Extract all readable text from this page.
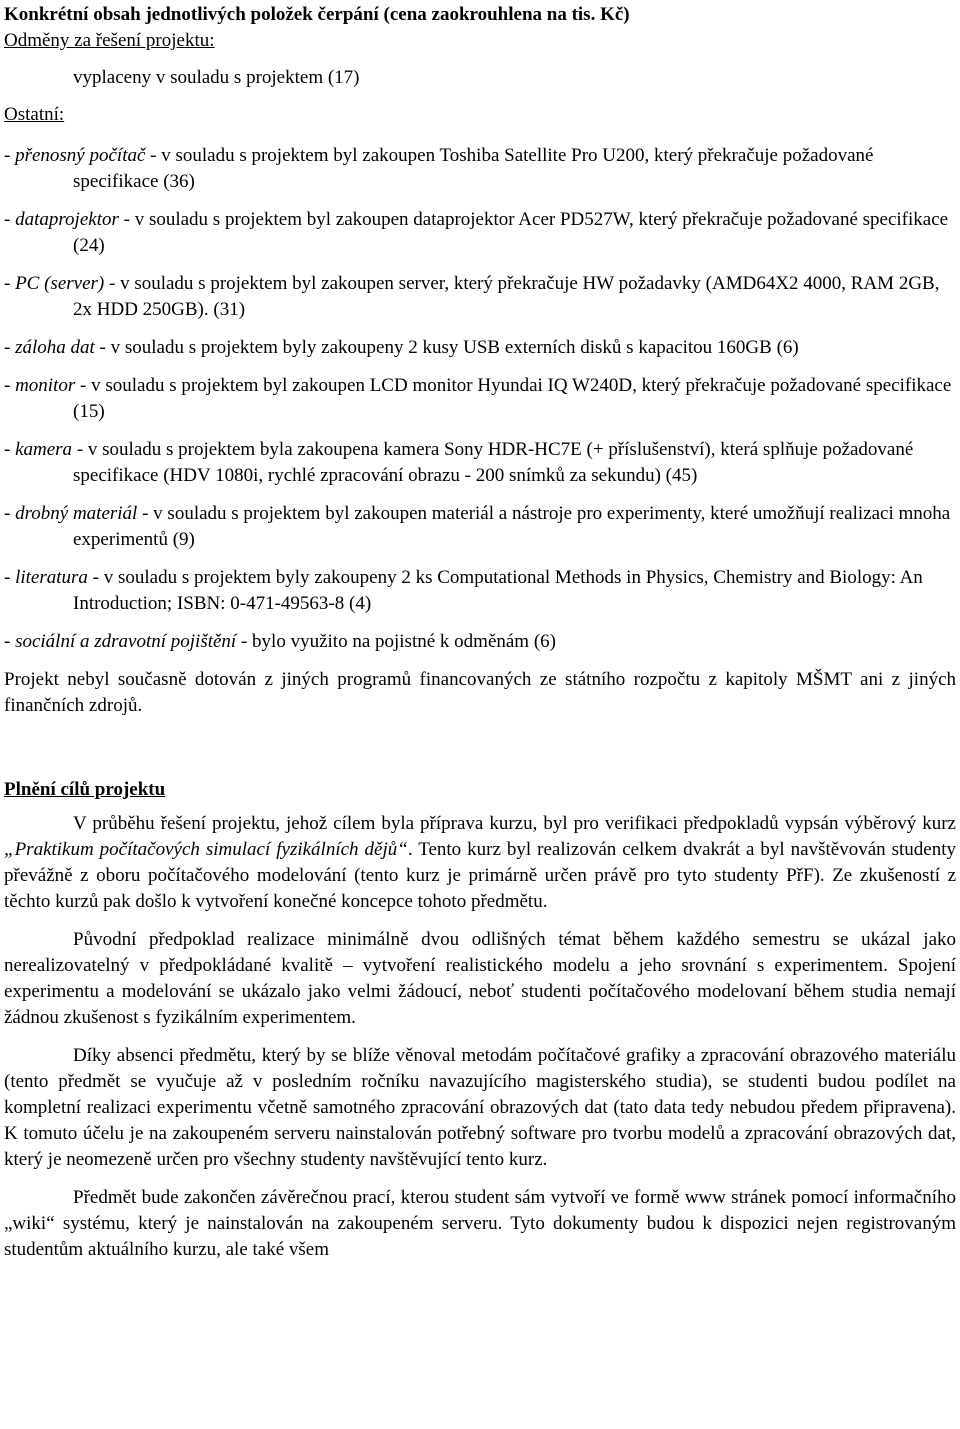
Konkrétní obsah jednotlivých položek čerpání (cena zaokrouhlena na tis. Kč)

Odměny za řešení projektu:

vyplaceny v souladu s projektem (17)

Ostatní:

- přenosný počítač - v souladu s projektem byl zakoupen Toshiba Satellite Pro U200, který překračuje požadované specifikace (36)
- dataprojektor - v souladu s projektem byl zakoupen dataprojektor Acer PD527W, který překračuje požadované specifikace (24)
- PC (server) - v souladu s projektem byl zakoupen server, který překračuje HW požadavky (AMD64X2 4000, RAM 2GB, 2x HDD 250GB). (31)
- záloha dat - v souladu s projektem byly zakoupeny 2 kusy USB externích disků s kapacitou 160GB (6)
- monitor - v souladu s projektem byl zakoupen LCD monitor Hyundai IQ W240D, který překračuje požadované specifikace (15)
- kamera - v souladu s projektem byla zakoupena kamera Sony HDR-HC7E (+ příslušenství), která splňuje požadované specifikace (HDV 1080i, rychlé zpracování obrazu - 200 snímků za sekundu) (45)
- drobný materiál - v souladu s projektem byl zakoupen materiál a nástroje pro experimenty, které umožňují realizaci mnoha experimentů (9)
- literatura - v souladu s projektem byly zakoupeny 2 ks Computational Methods in Physics, Chemistry and Biology: An Introduction; ISBN: 0-471-49563-8 (4)
- sociální a zdravotní pojištění - bylo využito na pojistné k odměnám (6)

Projekt nebyl současně dotován z jiných programů financovaných ze státního rozpočtu z kapitoly MŠMT ani z jiných finančních zdrojů.

Plnění cílů projektu

V průběhu řešení projektu, jehož cílem byla příprava kurzu, byl pro verifikaci předpokladů vypsán výběrový kurz „Praktikum počítačových simulací fyzikálních dějů“. Tento kurz byl realizován celkem dvakrát a byl navštěvován studenty převážně z oboru počítačového modelování (tento kurz je primárně určen právě pro tyto studenty PřF). Ze zkušeností z těchto kurzů pak došlo k vytvoření konečné koncepce tohoto předmětu.

Původní předpoklad realizace minimálně dvou odlišných témat během každého semestru se ukázal jako nerealizovatelný v předpokládané kvalitě – vytvoření realistického modelu a jeho srovnání s experimentem. Spojení experimentu a modelování se ukázalo jako velmi žádoucí, neboť studenti počítačového modelovaní během studia nemají žádnou zkušenost s fyzikálním experimentem.

Díky absenci předmětu, který by se blíže věnoval metodám počítačové grafiky a zpracování obrazového materiálu (tento předmět se vyučuje až v posledním ročníku navazujícího magisterského studia), se studenti budou podílet na kompletní realizaci experimentu včetně samotného zpracování obrazových dat (tato data tedy nebudou předem připravena). K tomuto účelu je na zakoupeném serveru nainstalován potřebný software pro tvorbu modelů a zpracování obrazových dat, který je neomezeně určen pro všechny studenty navštěvující tento kurz.

Předmět bude zakončen závěrečnou prací, kterou student sám vytvoří ve formě www stránek pomocí informačního „wiki“ systému, který je nainstalován na zakoupeném serveru. Tyto dokumenty budou k dispozici nejen registrovaným studentům aktuálního kurzu, ale také všem
